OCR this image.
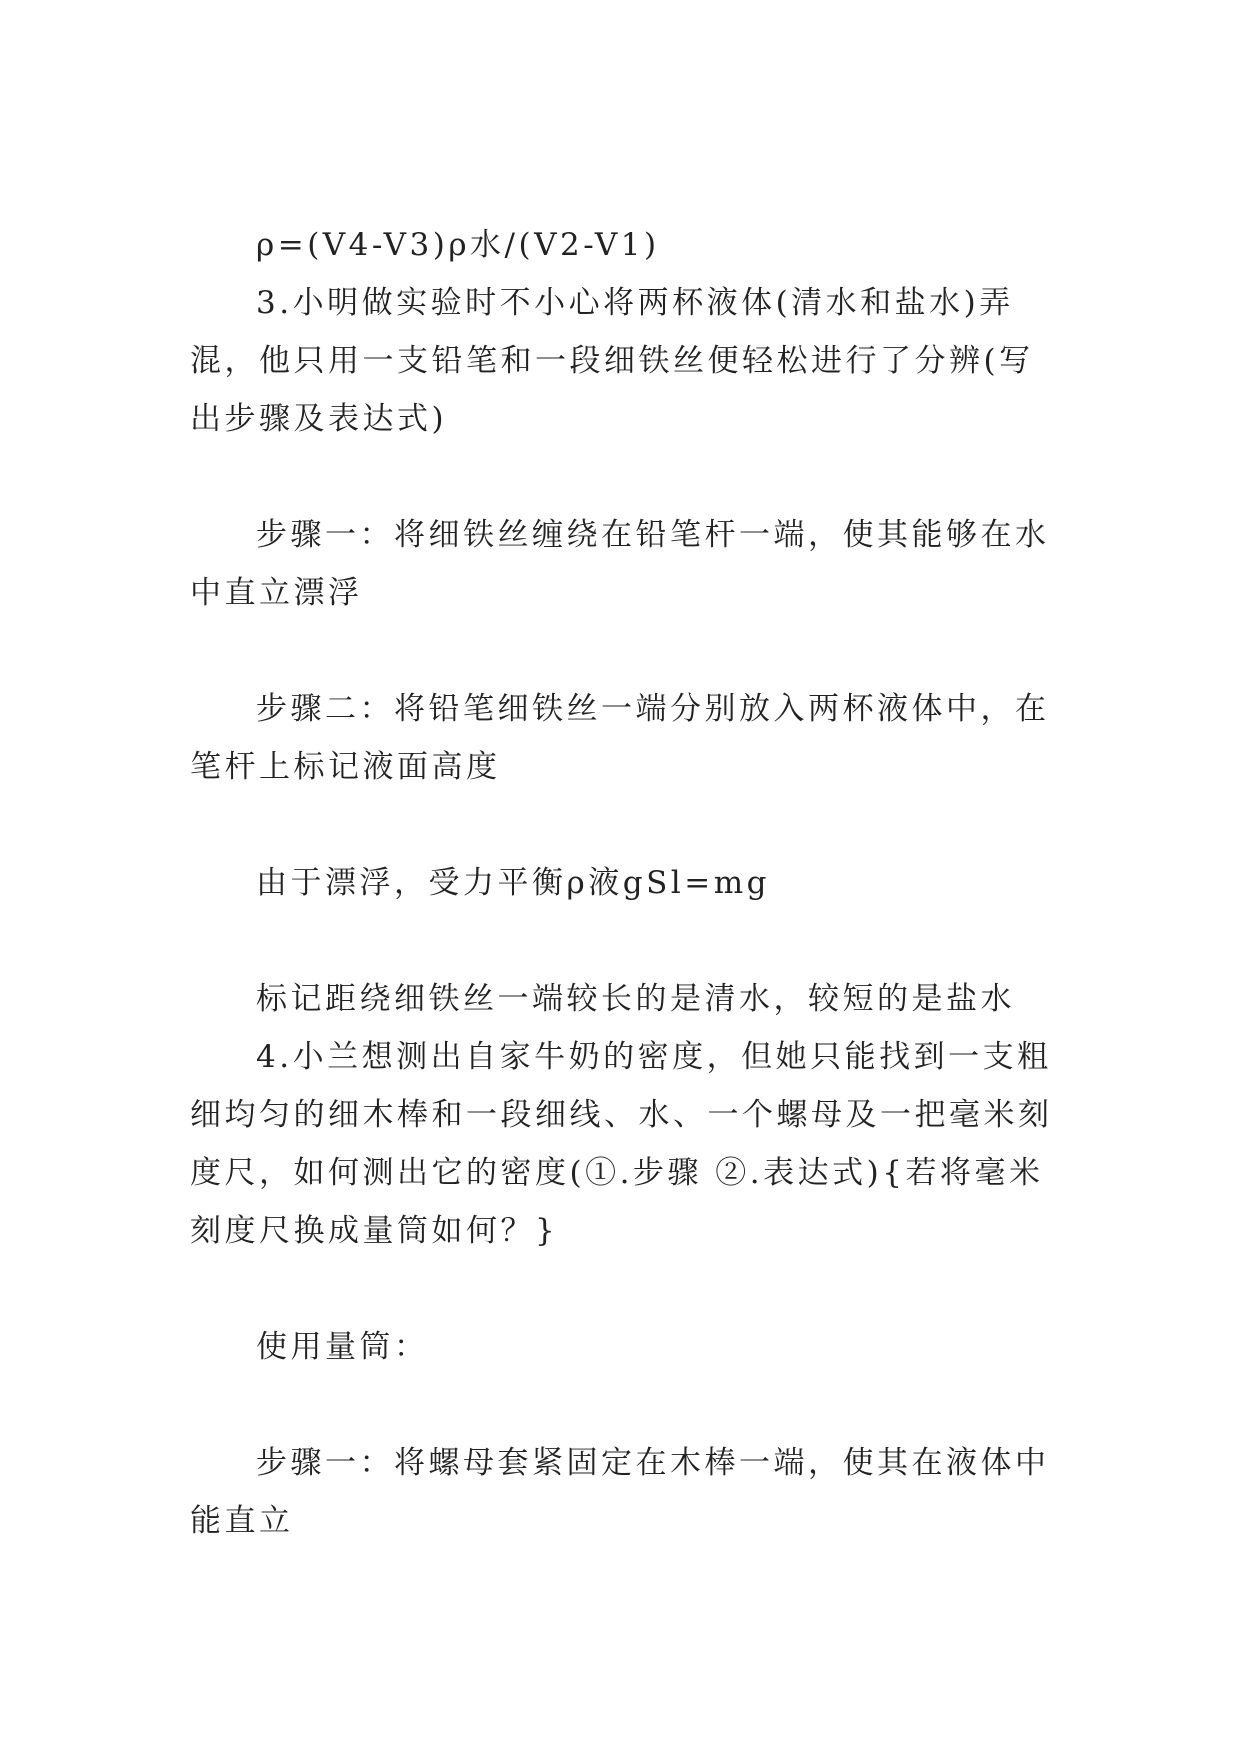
ρ=(V4-V3)ρ水/(V2-V1)

3.小明做实验时不小心将两杯液体(清水和盐水)弄混，他只用一支铅笔和一段细铁丝便轻松进行了分辨(写出步骤及表达式)

步骤一：将细铁丝缠绕在铅笔杆一端，使其能够在水中直立漂浮

步骤二：将铅笔细铁丝一端分别放入两杯液体中，在笔杆上标记液面高度

由于漂浮，受力平衡ρ液gSl=mg

标记距绕细铁丝一端较长的是清水，较短的是盐水

4.小兰想测出自家牛奶的密度，但她只能找到一支粗细均匀的细木棒和一段细线、水、一个螺母及一把毫米刻度尺，如何测出它的密度(①.步骤 ②.表达式){若将毫米刻度尺换成量筒如何？}

使用量筒：

步骤一：将螺母套紧固定在木棒一端，使其在液体中能直立
